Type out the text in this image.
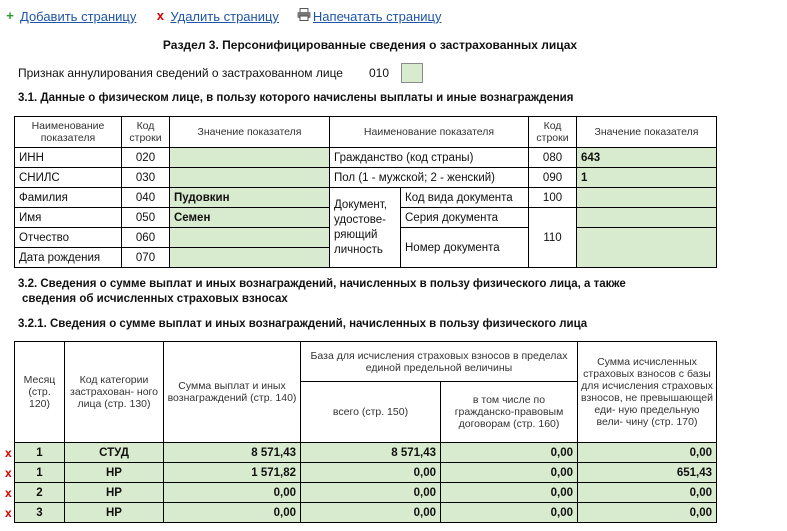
+ Добавить страницу x Удалить страницу	Напечатать страницу
Раздел 3. Персонифицированные сведения о застрахованных лицах
Признак аннулирования сведений о застрахованном лице 010
3.1. Данные о физическом лице, в пользу которого начислены выплаты и иные вознаграждения
Наименование показателя	Код строки	Значение показателя	Наименование показателя		Код строки	Значение показателя
ИНН	020		Гражданство (код страны)		080	643
СНИЛС	030		Пол (1 - мужской; 2 - женский)		090	1
Фамилия	040	Пудовкин	Документ, удостове- ряющий личность	Код вида документа	100	
Имя	050	Семен		Серия документа	110	
Отчество	060			Номер документа		
Дата рождения	070					
3.2. Сведения о сумме выплат и иных вознаграждений, начисленных в пользу физического лица, а также
сведения об исчисленных страховых взносах
3.2.1. Сведения о сумме выплат и иных вознаграждений, начисленных в пользу физического лица
Месяц (стр. 120)	Код категории застрахован- ного лица (стр. 130)	Сумма выплат и иных вознаграждений (стр. 140)	База для исчисления страховых взносов в пределах единой предельной величины		Сумма исчисленных страховых взносов с базы для исчисления страховых взносов, не превышающей еди- ную предельную вели- чину (стр. 170)
			всего (стр. 150)	в том числе по гражданско-правовым договорам (стр. 160)	
1	СТУД	8 571,43	8 571,43	0,00	0,00
1	НР	1 571,82	0,00	0,00	651,43
2	НР	0,00	0,00	0,00	0,00
3	НР	0,00	0,00	0,00	0,00
x
x
x
x
